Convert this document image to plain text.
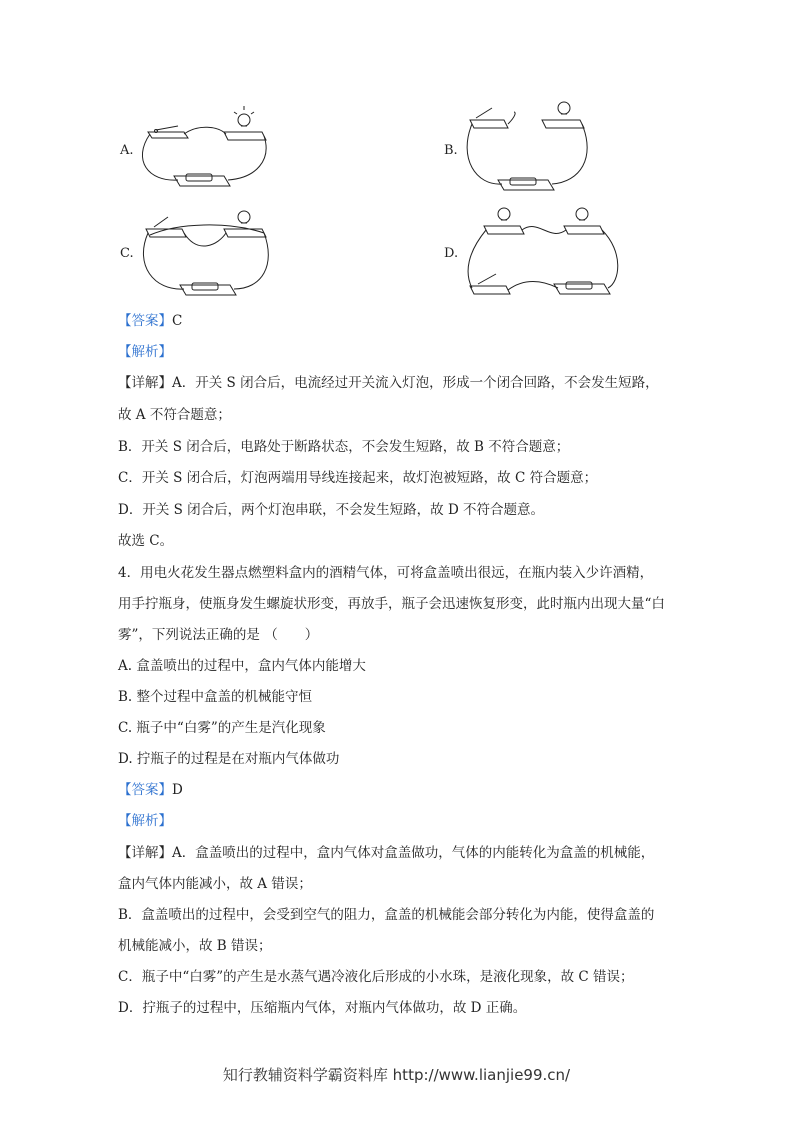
A.	B.
C.	D.
【答案】C
【解析】
【详解】A．开关 S 闭合后，电流经过开关流入灯泡，形成一个闭合回路，不会发生短路，
故 A 不符合题意；
B．开关 S 闭合后，电路处于断路状态，不会发生短路，故 B 不符合题意；
C．开关 S 闭合后，灯泡两端用导线连接起来，故灯泡被短路，故 C 符合题意；
D．开关 S 闭合后，两个灯泡串联，不会发生短路，故 D 不符合题意。
故选 C。
4．用电火花发生器点燃塑料盒内的酒精气体，可将盒盖喷出很远，在瓶内装入少许酒精，
用手拧瓶身，使瓶身发生螺旋状形变，再放手，瓶子会迅速恢复形变，此时瓶内出现大量“白
雾”，下列说法正确的是 （　　）
A. 盒盖喷出的过程中，盒内气体内能增大
B. 整个过程中盒盖的机械能守恒
C. 瓶子中“白雾”的产生是汽化现象
D. 拧瓶子的过程是在对瓶内气体做功
【答案】D
【解析】
【详解】A．盒盖喷出的过程中，盒内气体对盒盖做功，气体的内能转化为盒盖的机械能，
盒内气体内能减小，故 A 错误；
B．盒盖喷出的过程中，会受到空气的阻力，盒盖的机械能会部分转化为内能，使得盒盖的
机械能减小，故 B 错误；
C．瓶子中“白雾”的产生是水蒸气遇冷液化后形成的小水珠，是液化现象，故 C 错误；
D．拧瓶子的过程中，压缩瓶内气体，对瓶内气体做功，故 D 正确。
知行教辅资料学霸资料库 http://www.lianjie99.cn/
